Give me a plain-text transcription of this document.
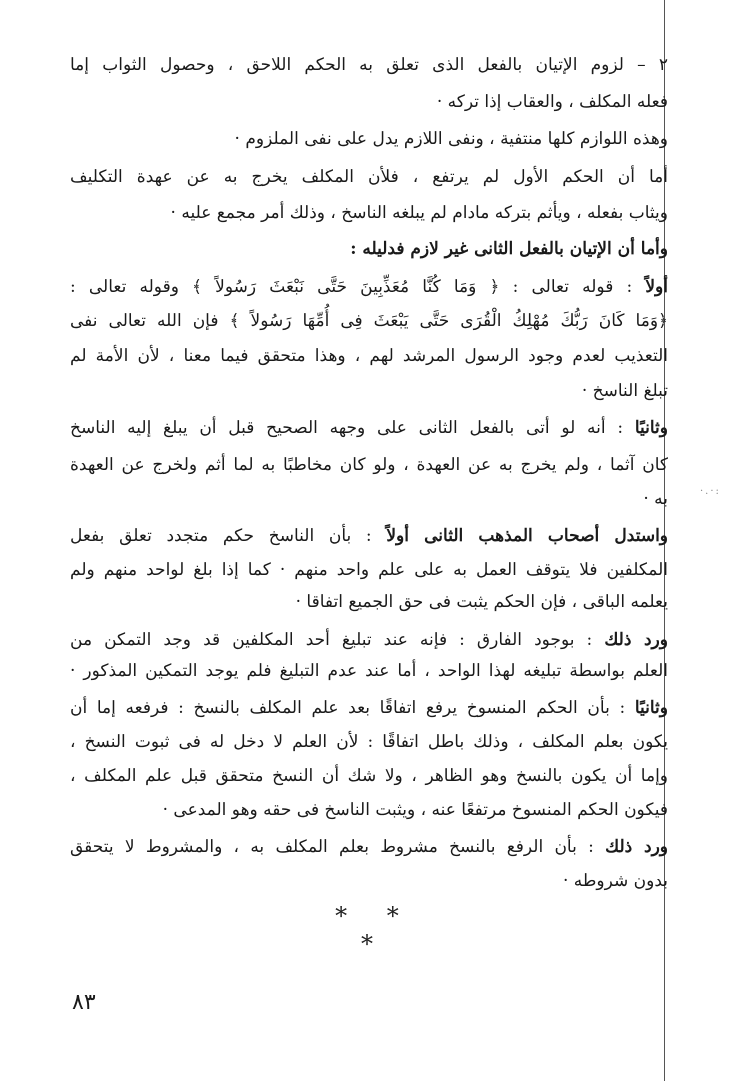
·.·:
٢ – لزوم الإتيان بالفعل الذى تعلق به الحكم اللاحق ، وحصول الثواب إما
فعله المكلف ، والعقاب إذا تركه ·
وهذه اللوازم كلها منتفية ، ونفى اللازم يدل على نفى الملزوم ·
أما أن الحكم الأول لم يرتفع ، فلأن المكلف يخرج به عن عهدة التكليف
ويثاب بفعله ، ويأثم بتركه مادام لم يبلغه الناسخ ، وذلك أمر مجمع عليه ·
وأما أن الإتيان بالفعل الثانى غير لازم فدليله :
أولاً : قوله تعالى : ﴿ وَمَا كُنَّا مُعَذِّبِينَ حَتَّى نَبْعَثَ رَسُولاً ﴾ وقوله تعالى :
﴿وَمَا كَانَ رَبُّكَ مُهْلِكُ الْقُرَى حَتَّى يَبْعَثَ فِى أُمِّهَا رَسُولاً ﴾ فإن الله تعالى نفى
التعذيب لعدم وجود الرسول المرشد لهم ، وهذا متحقق فيما معنا ، لأن الأمة لم
تبلغ الناسخ ·
وثانيًا : أنه لو أتى بالفعل الثانى على وجهه الصحيح قبل أن يبلغ إليه الناسخ
كان آثما ، ولم يخرج به عن العهدة ، ولو كان مخاطبًا به لما أثم ولخرج عن العهدة
به ·
واستدل أصحاب المذهب الثانى أولاً : بأن الناسخ حكم متجدد تعلق بفعل
المكلفين فلا يتوقف العمل به على علم واحد منهم · كما إذا بلغ لواحد منهم ولم
يعلمه الباقى ، فإن الحكم يثبت فى حق الجميع اتفاقا ·
ورد ذلك : بوجود الفارق : فإنه عند تبليغ أحد المكلفين قد وجد التمكن من
العلم بواسطة تبليغه لهذا الواحد ، أما عند عدم التبليغ فلم يوجد التمكين المذكور ·
وثانيًا : بأن الحكم المنسوخ يرفع اتفاقًا بعد علم المكلف بالنسخ : فرفعه إما أن
يكون بعلم المكلف ، وذلك باطل اتفاقًا : لأن العلم لا دخل له فى ثبوت النسخ ،
وإما أن يكون بالنسخ وهو الظاهر ، ولا شك أن النسخ متحقق قبل علم المكلف ،
فيكون الحكم المنسوخ مرتفعًا عنه ، ويثبت الناسخ فى حقه وهو المدعى ·
ورد ذلك : بأن الرفع بالنسخ مشروط بعلم المكلف به ، والمشروط لا يتحقق
بدون شروطه ·
* * *
٨٣
